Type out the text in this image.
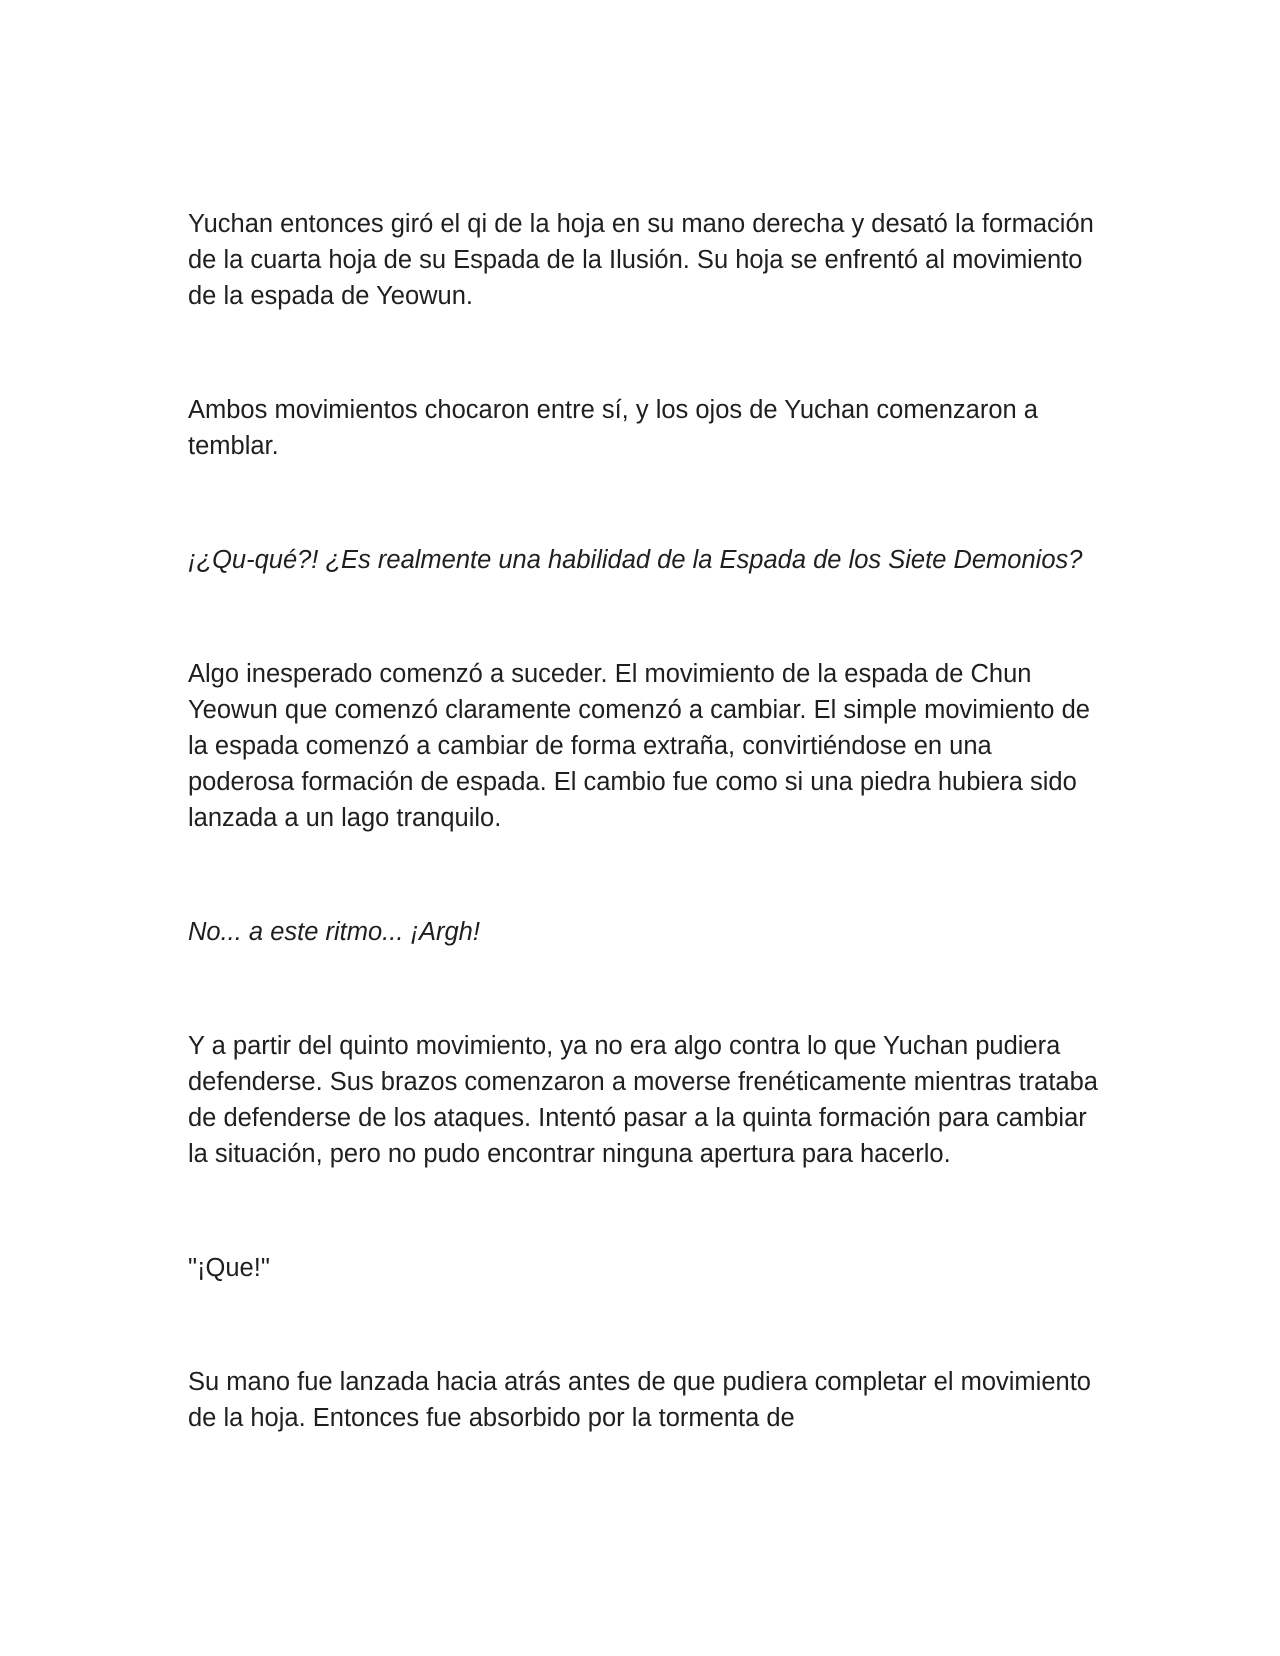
Yuchan entonces giró el qi de la hoja en su mano derecha y desató la formación de la cuarta hoja de su Espada de la Ilusión. Su hoja se enfrentó al movimiento de la espada de Yeowun.

Ambos movimientos chocaron entre sí, y los ojos de Yuchan comenzaron a temblar.

¡¿Qu-qué?! ¿Es realmente una habilidad de la Espada de los Siete Demonios?

Algo inesperado comenzó a suceder. El movimiento de la espada de Chun Yeowun que comenzó claramente comenzó a cambiar. El simple movimiento de la espada comenzó a cambiar de forma extraña, convirtiéndose en una poderosa formación de espada. El cambio fue como si una piedra hubiera sido lanzada a un lago tranquilo.

No... a este ritmo... ¡Argh!

Y a partir del quinto movimiento, ya no era algo contra lo que Yuchan pudiera defenderse. Sus brazos comenzaron a moverse frenéticamente mientras trataba de defenderse de los ataques. Intentó pasar a la quinta formación para cambiar la situación, pero no pudo encontrar ninguna apertura para hacerlo.

"¡Que!"

Su mano fue lanzada hacia atrás antes de que pudiera completar el movimiento de la hoja. Entonces fue absorbido por la tormenta de
